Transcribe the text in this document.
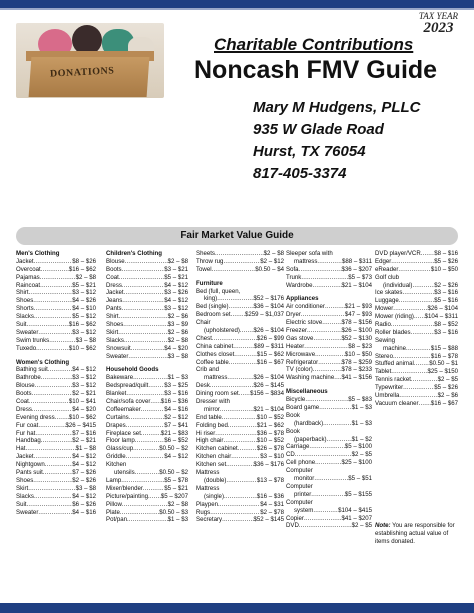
DONATIONS
TAX YEAR
2023
Charitable Contributions
Noncash FMV Guide
Mary M Hudgens, PLLC
935 W Glade Road
Hurst, TX 76054
817-405-3374
Fair Market Value Guide
Men's Clothing
Jacket .....	$8 – $26
Overcoat .....	$16 – $62
Pajamas .....	$2 – $8
Raincoat .....	$5 – $21
Shirt .....	$3 – $12
Shoes .....	$4 – $26
Shorts .....	$4 – $10
Slacks .....	$5 – $12
Suit .....	$16 – $62
Sweater .....	$3 – $12
Swim trunks .....	$3 – $8
Tuxedo .....	$10 – $62
Women's Clothing
Bathing suit .....	$4 – $12
Bathrobe .....	$3 – $12
Blouse .....	$3 – $12
Boots .....	$2 – $21
Coat .....	$10 – $41
Dress .....	$4 – $20
Evening dress ..... $10 – $62
Fur coat .....	$26 – $415
Fur hat .....	$7 – $16
Handbag .....	$2 – $21
Hat .....	$1 – $8
Jacket .....	$4 – $12
Nightgown .....	$4 – $12
Pants suit .....	$7 – $26
Shoes .....	$2 – $26
Skirt .....	$3 – $8
Slacks .....	$4 – $12
Suit .....	$6 – $26
Sweater .....	$4 – $16
Children's Clothing
Blouse .....	$2 – $8
Boots .....	$3 – $21
Coat .....	$5 – $21
Dress .....	$4 – $12
Jacket .....	$3 – $26
Jeans .....	$4 – $12
Pants .....	$3 – $12
Shirt .....	$2 – $6
Shoes .....	$3 – $9
Skirt .....	$2 – $6
Slacks .....	$2 – $8
Snowsuit .....	$4 – $20
Sweater .....	$3 – $8
Household Goods
Bakeware .....	$1 – $3
Bedspread/quilt .....	$3 – $25
Blanket .....	$3 – $16
Chair/sofa cover ..... $16 – $36
Coffeemaker .....	$4 – $16
Curtains .....	$2 – $12
Drapes .....	$7 – $41
Fireplace set .....	$21 – $83
Floor lamp .....	$6 – $52
Glass/cup .....	$0.50 – $2
Griddle .....	$4 – $12
Kitchen
utensils .....	$0.50 – $2
Lamp .....	$5 – $78
Mixer/blender .....	$5 – $21
Picture/painting ..... $5 – $207
Pillow .....	$2 – $8
Plate .....	$0.50 – $3
Pot/pan .....	$1 – $3
Sheets .....	$2 – $8
Throw rug .....	$2 – $12
Towel .....	$0.50 – $4
Furniture
Bed (full, queen,
king) .....	$52 – $176
Bed (single) .....	$36 – $104
Bedroom set ..... $259 – $1,037
Chair
(upholstered) ..... $26 – $104
Chest .....	$26 – $99
China cabinet .....	$89 – $311
Clothes closet .....	$15 – $62
Coffee table .....	$16 – $67
Crib and
mattress .....	$26 – $104
Desk .....	$26 – $145
Dining room set ..... $156 – $834
Dresser with
mirror .....	$21 – $104
End table .....	$10 – $52
Folding bed .....	$21 – $62
Hi riser .....	$36 – $78
High chair .....	$10 – $52
Kitchen cabinet .....	$26 – $78
Kitchen chair .....	$3 – $10
Kitchen set .....	$36 – $176
Mattress
(double) .....	$13 – $78
Mattress
(single) .....	$16 – $36
Playpen .....	$4 – $31
Rugs .....	$2 – $78
Secretary .....	$52 – $145
Sleeper sofa with
mattress .....	$88 – $311
Sofa .....	$36 – $207
Trunk .....	$5 – $73
Wardrobe .....	$21 – $104
Appliances
Air conditioner .....	$21 – $93
Dryer .....	$47 – $93
Electric stove .....	$78 – $156
Freezer .....	$26 – $100
Gas stove .....	$52 – $130
Heater .....	$8 – $23
Microwave .....	$10 – $50
Refrigerator .....	$78 – $259
TV (color) .....	$78 – $233
Washing machine ..... $41 – $156
Miscellaneous
Bicycle .....	$5 – $83
Board game .....	$1 – $3
Book
(hardback) .....	$1 – $3
Book
(paperback) .....	$1 – $2
Carriage .....	$5 – $100
CD .....	$2 – $5
Cell phone .....	$25 – $100
Computer
monitor .....	$5 – $51
Computer
printer .....	$5 – $155
Computer
system .....	$104 – $415
Copier .....	$41 – $207
DVD .....	$2 – $5
DVD player/VCR ..... $8 – $16
Edger .....	$5 – $26
eReader .....	$10 – $50
Golf club
(individual) .....	$2 – $26
Ice skates .....	$3 – $16
Luggage .....	$5 – $16
Mower .....	$26 – $104
Mower (riding) ..... $104 – $311
Radio .....	$8 – $52
Roller blades .....	$3 – $16
Sewing
machine .....	$15 – $88
Stereo .....	$16 – $78
Stuffed animal .....	$0.50 – $1
Tablet .....	$25 – $150
Tennis racket .....	$2 – $5
Typewriter .....	$5 – $26
Umbrella .....	$2 – $6
Vacuum cleaner ..... $16 – $67
Note: You are responsible for establishing actual value of items donated.
